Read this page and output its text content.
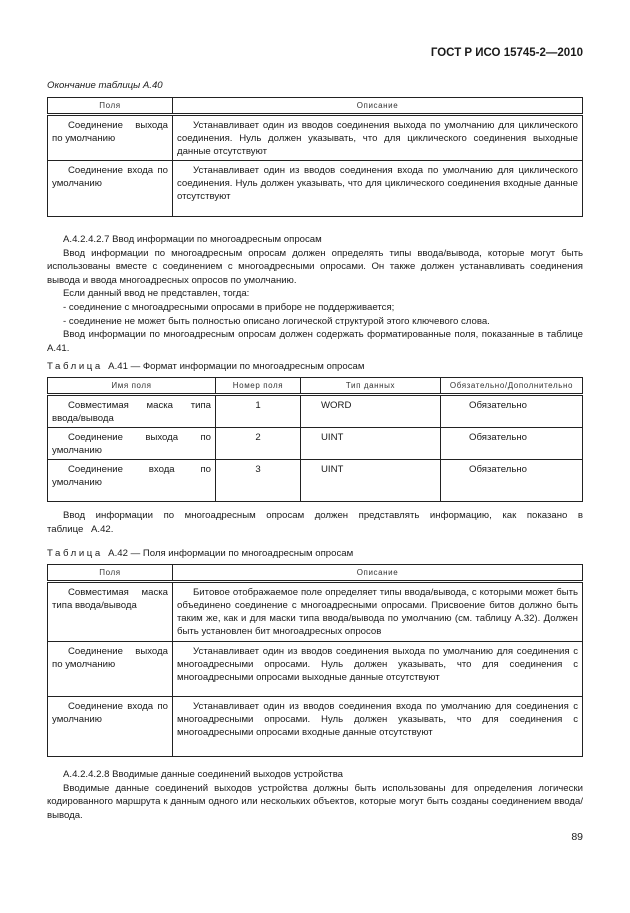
ГОСТ Р ИСО 15745-2—2010
Окончание таблицы А.40
Поля	Описание
Соединение выхода по умолчанию	Устанавливает один из вводов соединения выхода по умолчанию для циклического соединения. Нуль должен указывать, что для циклического соединения выходные данные отсутствуют
Соединение входа по умолчанию	Устанавливает один из вводов соединения входа по умолчанию для циклического соединения. Нуль должен указывать, что для циклического соединения входные данные отсутствуют

А.4.2.4.2.7 Ввод информации по многоадресным опросам

Ввод информации по многоадресным опросам должен определять типы ввода/вывода, которые могут быть использованы вместе с соединением с многоадресными опросами. Он также должен устанавливать соединения вывода и ввода многоадресных опросов по умолчанию.

Если данный ввод не представлен, тогда:

- соединение с многоадресными опросами в приборе не поддерживается;

- соединение не может быть полностью описано логической структурой этого ключевого слова.

Ввод информации по многоадресным опросам должен содержать форматированные поля, показанные в таблице А.41.

Таблица А.41 — Формат информации по многоадресным опросам
Имя поля	Номер поля	Тип данных	Обязательно/Дополнительно
Совместимая маска типа ввода/вывода	1	WORD	Обязательно
Соединение выхода по умолчанию	2	UINT	Обязательно
Соединение входа по умолчанию	3	UINT	Обязательно

Ввод информации по многоадресным опросам должен представлять информацию, как показано в таблице А.42.

Таблица А.42 — Поля информации по многоадресным опросам
Поля	Описание
Совместимая маска типа ввода/вывода	Битовое отображаемое поле определяет типы ввода/вывода, с которыми может быть объединено соединение с многоадресными опросами. Присвоение битов должно быть таким же, как и для маски типа ввода/вывода по умолчанию (см. таблицу А.32). Должен быть установлен бит многоадресных опросов
Соединение выхода по умолчанию	Устанавливает один из вводов соединения выхода по умолчанию для соединения с многоадресными опросами. Нуль должен указывать, что для соединения с многоадресными опросами выходные данные отсутствуют
Соединение входа по умолчанию	Устанавливает один из вводов соединения входа по умолчанию для соединения с многоадресными опросами. Нуль должен указывать, что для соединения с многоадресными опросами входные данные отсутствуют

А.4.2.4.2.8 Вводимые данные соединений выходов устройства

Вводимые данные соединений выходов устройства должны быть использованы для определения логически кодированного маршрута к данным одного или нескольких объектов, которые могут быть созданы соединением ввода/вывода.

89
